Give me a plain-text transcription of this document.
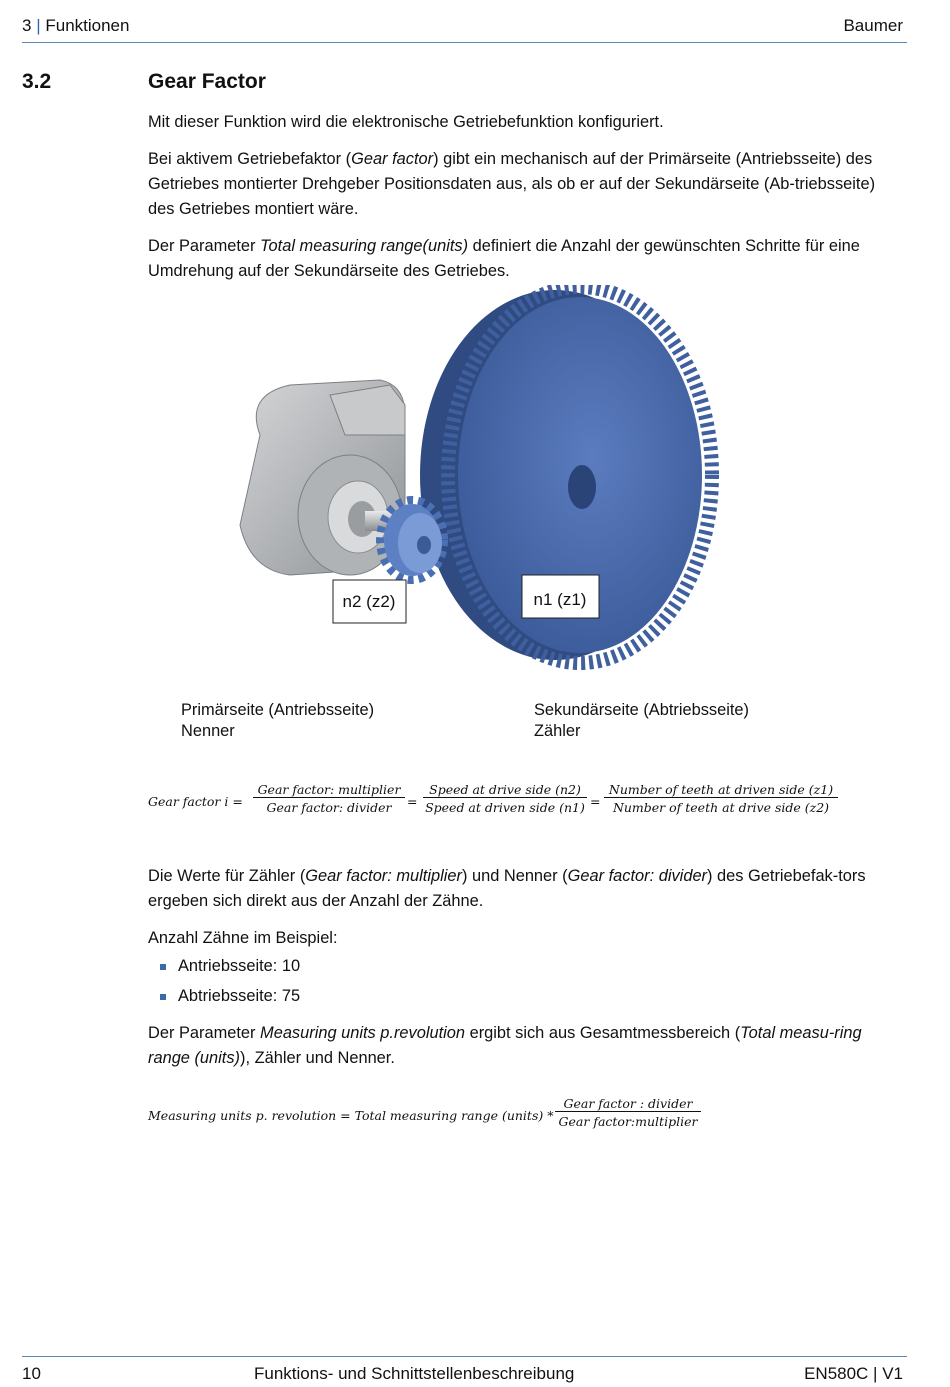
3 | Funktionen	Baumer
3.2	Gear Factor

Mit dieser Funktion wird die elektronische Getriebefunktion konfiguriert.

Bei aktivem Getriebefaktor (Gear factor) gibt ein mechanisch auf der Primärseite (Antriebsseite) des Getriebes montierter Drehgeber Positionsdaten aus, als ob er auf der Sekundärseite (Ab-triebsseite) des Getriebes montiert wäre.

Der Parameter Total measuring range(units) definiert die Anzahl der gewünschten Schritte für eine Umdrehung auf der Sekundärseite des Getriebes.

n2 (z2)	n1 (z1)
Primärseite (Antriebsseite)
Nenner
Sekundärseite (Abtriebsseite)
Zähler
Gear factor i =
Gear factor: multiplier
Gear factor: divider	=
Speed at drive side (n2)
Speed at driven side (n1) =
Number of teeth at driven side (z1)
Number of teeth at drive side (z2)

Die Werte für Zähler (Gear factor: multiplier) und Nenner (Gear factor: divider) des Getriebefak-tors ergeben sich direkt aus der Anzahl der Zähne.

Anzahl Zähne im Beispiel:

Antriebsseite: 10
Abtriebsseite: 75

Der Parameter Measuring units p.revolution ergibt sich aus Gesamtmessbereich (Total measu-ring range (units)), Zähler und Nenner.

Measuring units p. revolution = Total measuring range (units) *
Gear factor : divider
Gear factor:multiplier
10	Funktions- und Schnittstellenbeschreibung	EN580C | V1
